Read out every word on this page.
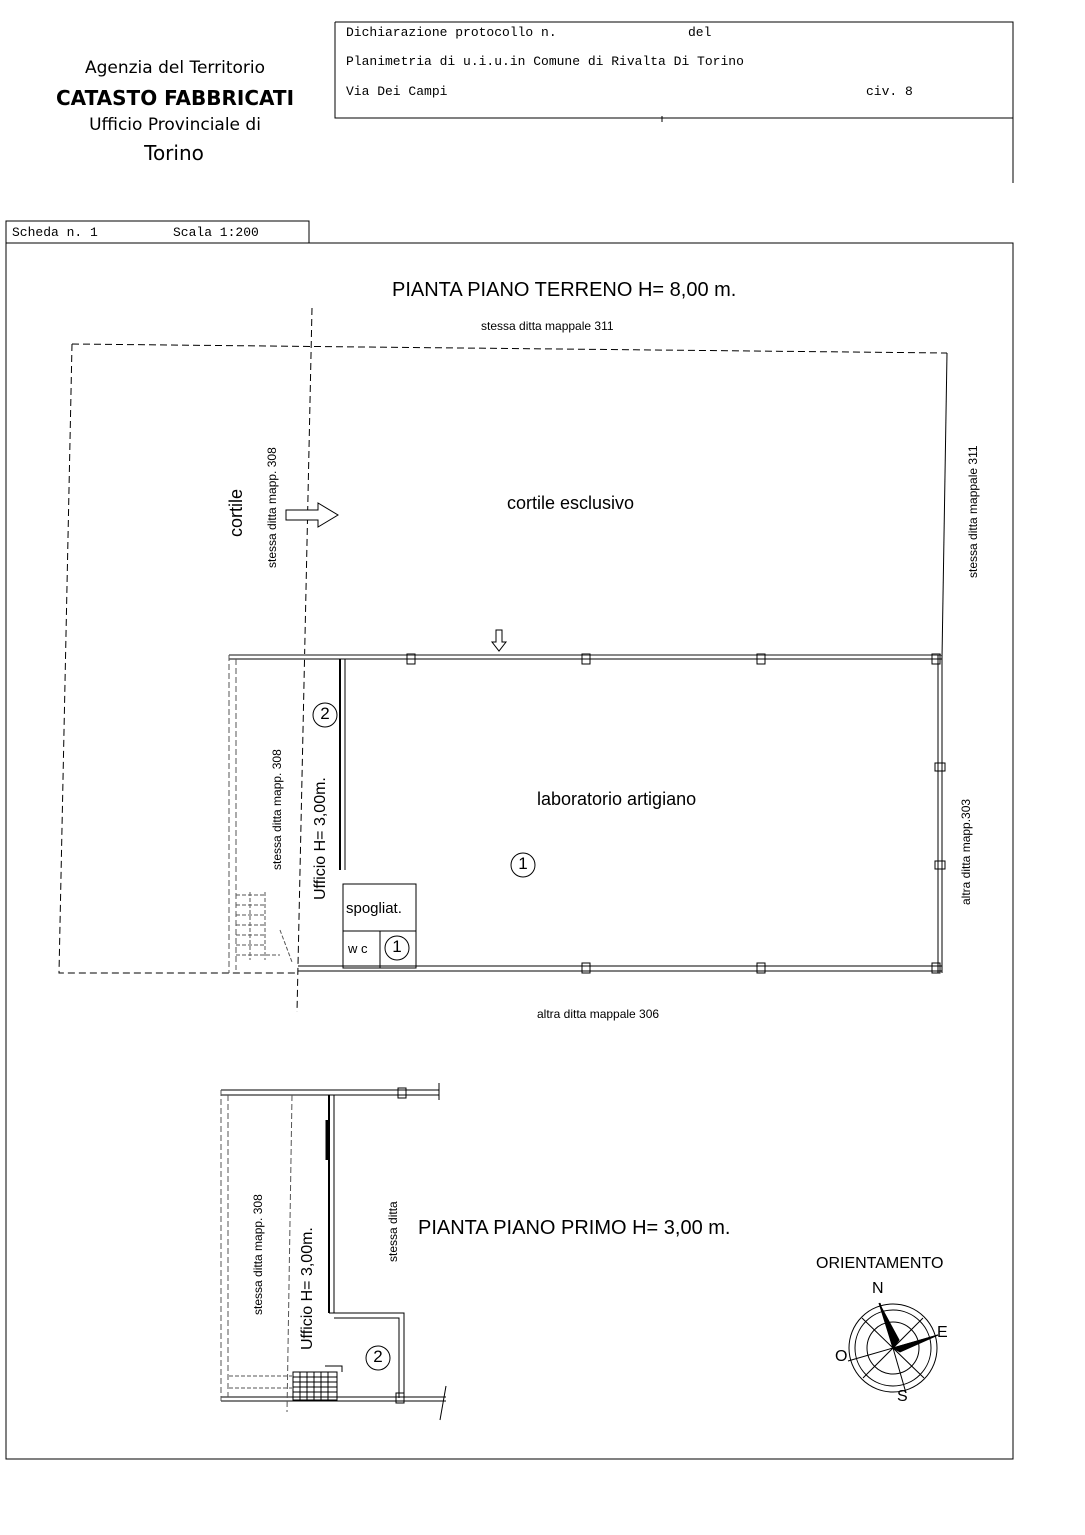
Agenzia del Territorio
CATASTO FABBRICATI
Ufficio Provinciale di
Torino
Dichiarazione protocollo n.	del
Planimetria di u.i.u.in Comune di Rivalta Di Torino
Via Dei Campi	civ. 8
Scheda n. 1	Scala 1:200
PIANTA PIANO TERRENO H= 8,00 m.
stessa ditta mappale 311
stessa ditta mappale 311
stessa ditta mapp. 308
cortile	cortile esclusivo
laboratorio artigiano
stessa ditta mapp. 308 Ufficio H= 3,00m.	altra ditta mapp.303
spogliat.
w c
2
1
1
altra ditta mappale 306
PIANTA PIANO PRIMO H= 3,00 m.
stessa ditta mapp. 308 Ufficio H= 3,00m.	stessa ditta
2
ORIENTAMENTO
N
E
S
O
